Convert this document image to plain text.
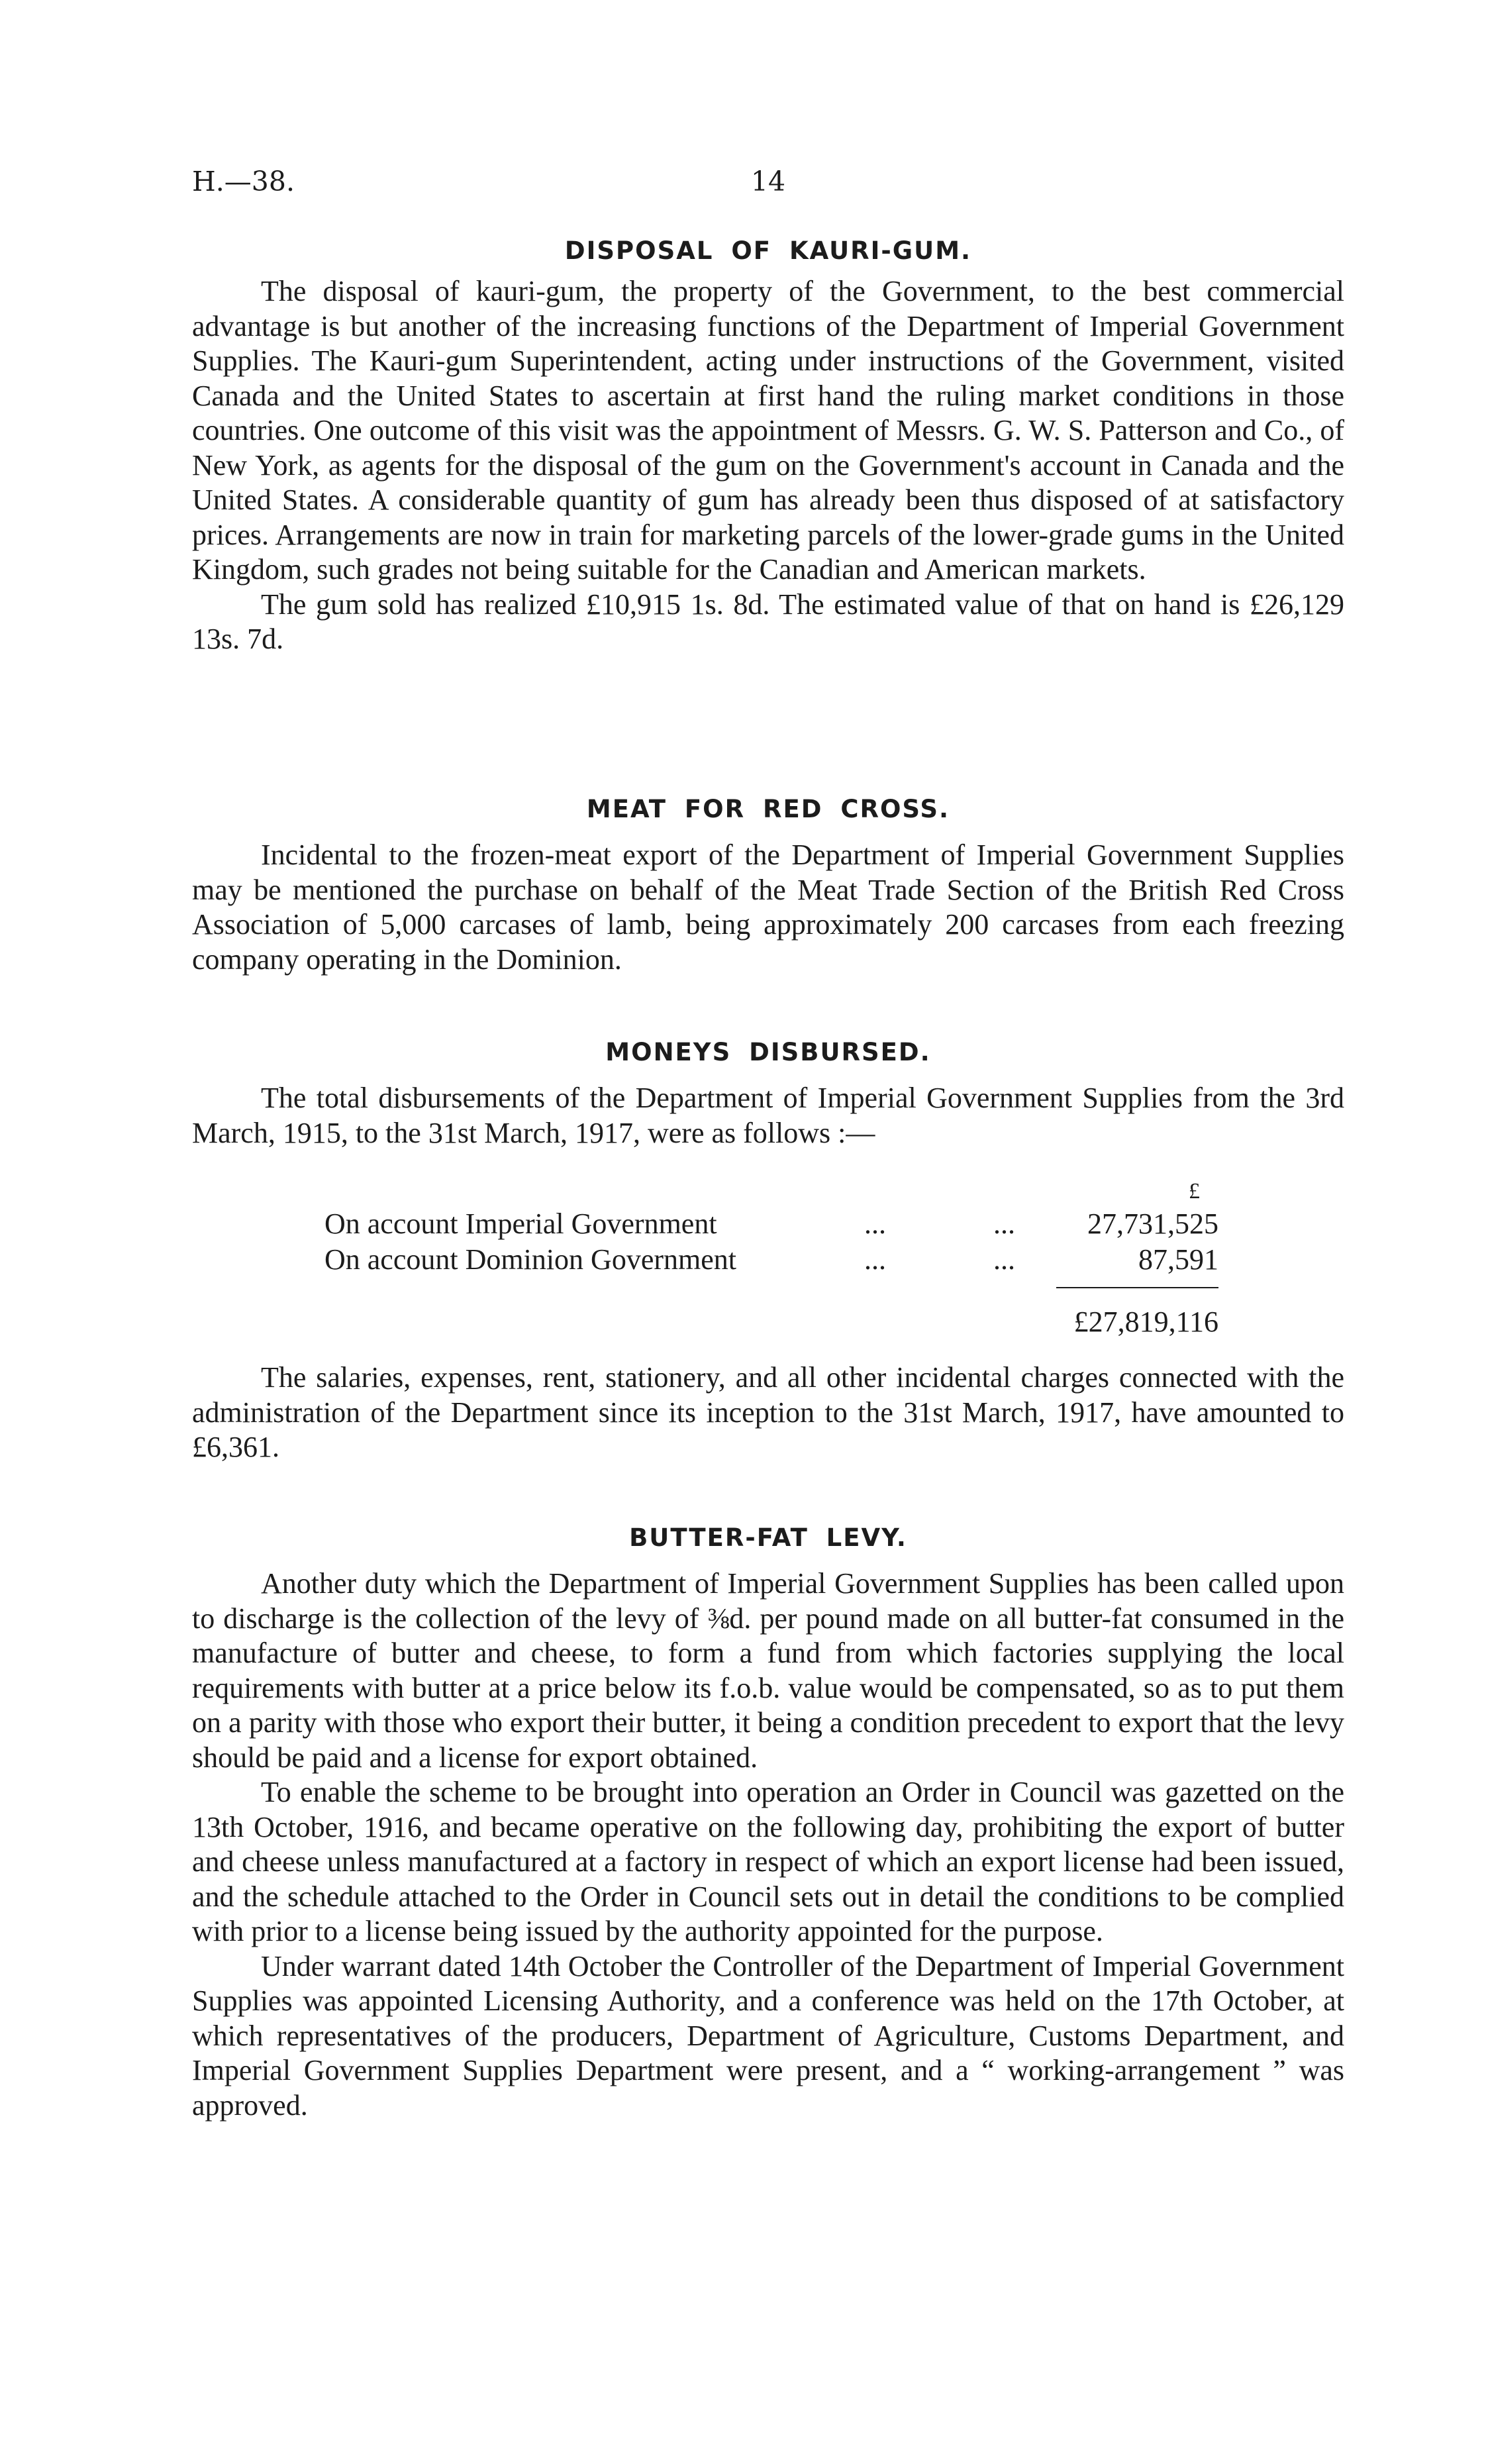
H.—38.	14
DISPOSAL OF KAURI-GUM.

The disposal of kauri-gum, the property of the Government, to the best commercial advantage is but another of the increasing functions of the Department of Imperial Government Supplies. The Kauri-gum Superintendent, acting under instructions of the Government, visited Canada and the United States to ascertain at first hand the ruling market conditions in those countries. One outcome of this visit was the appointment of Messrs. G. W. S. Patterson and Co., of New York, as agents for the disposal of the gum on the Government's account in Canada and the United States. A considerable quantity of gum has already been thus disposed of at satisfactory prices. Arrangements are now in train for marketing parcels of the lower-grade gums in the United Kingdom, such grades not being suitable for the Canadian and American markets.

The gum sold has realized £10,915 1s. 8d. The estimated value of that on hand is £26,129 13s. 7d.

MEAT FOR RED CROSS.

Incidental to the frozen-meat export of the Department of Imperial Government Supplies may be mentioned the purchase on behalf of the Meat Trade Section of the British Red Cross Association of 5,000 carcases of lamb, being approximately 200 carcases from each freezing company operating in the Dominion.

MONEYS DISBURSED.

The total disbursements of the Department of Imperial Government Supplies from the 3rd March, 1915, to the 31st March, 1917, were as follows :—

£
On account Imperial Government	...	... 27,731,525
On account Dominion Government	...	...	87,591
£27,819,116

The salaries, expenses, rent, stationery, and all other incidental charges connected with the administration of the Department since its inception to the 31st March, 1917, have amounted to £6,361.

BUTTER-FAT LEVY.

Another duty which the Department of Imperial Government Supplies has been called upon to discharge is the collection of the levy of ⅜d. per pound made on all butter-fat consumed in the manufacture of butter and cheese, to form a fund from which factories supplying the local requirements with butter at a price below its f.o.b. value would be compensated, so as to put them on a parity with those who export their butter, it being a condition precedent to export that the levy should be paid and a license for export obtained.

To enable the scheme to be brought into operation an Order in Council was gazetted on the 13th October, 1916, and became operative on the following day, prohibiting the export of butter and cheese unless manufactured at a factory in respect of which an export license had been issued, and the schedule attached to the Order in Council sets out in detail the conditions to be complied with prior to a license being issued by the authority appointed for the purpose.

Under warrant dated 14th October the Controller of the Department of Imperial Government Supplies was appointed Licensing Authority, and a conference was held on the 17th October, at which representatives of the producers, Department of Agriculture, Customs Department, and Imperial Government Supplies Department were present, and a “ working-arrangement ” was approved.
